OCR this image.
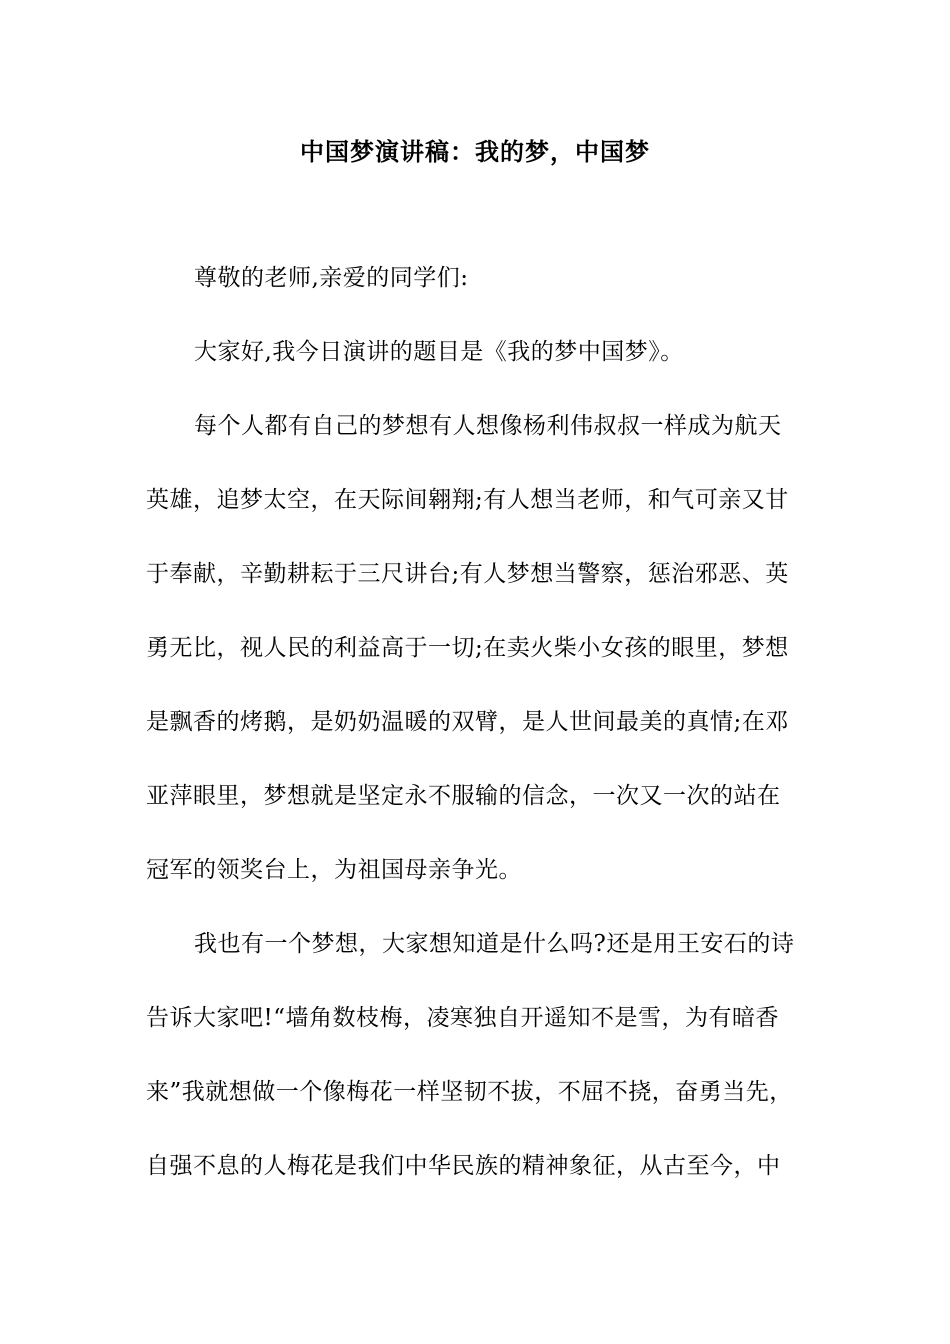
中国梦演讲稿：我的梦，中国梦
尊敬的老师,亲爱的同学们:
大家好,我今日演讲的题目是《我的梦中国梦》。
每个人都有自己的梦想有人想像杨利伟叔叔一样成为航天
英雄，追梦太空，在天际间翱翔;有人想当老师，和气可亲又甘
于奉献，辛勤耕耘于三尺讲台;有人梦想当警察，惩治邪恶、英
勇无比，视人民的利益高于一切;在卖火柴小女孩的眼里，梦想
是飘香的烤鹅，是奶奶温暖的双臂，是人世间最美的真情;在邓
亚萍眼里，梦想就是坚定永不服输的信念，一次又一次的站在
冠军的领奖台上，为祖国母亲争光。
我也有一个梦想，大家想知道是什么吗?还是用王安石的诗
告诉大家吧!“墙角数枝梅，凌寒独自开遥知不是雪，为有暗香
来”我就想做一个像梅花一样坚韧不拔，不屈不挠，奋勇当先，
自强不息的人梅花是我们中华民族的精神象征，从古至今，中
